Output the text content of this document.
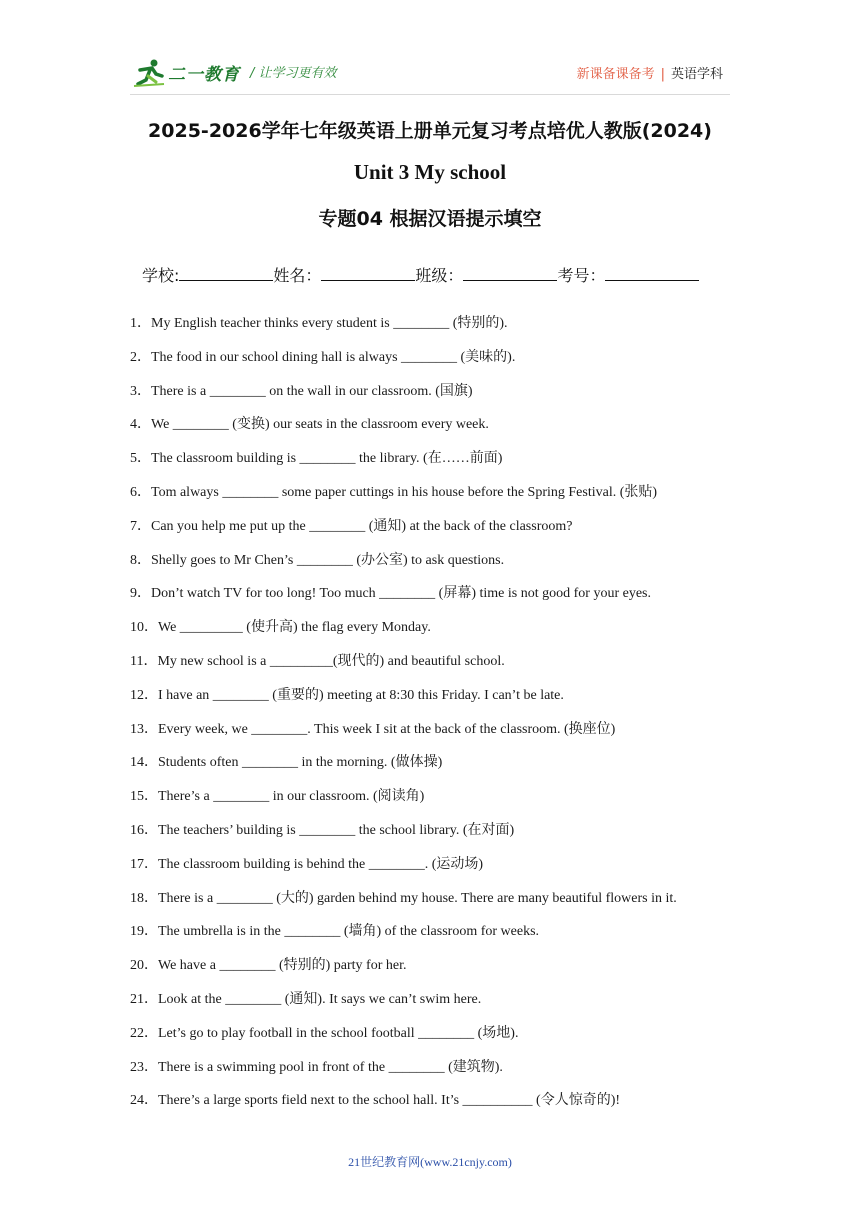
二一教育 / 让学习更有效	新课备课备考 | 英语学科
2025-2026学年七年级英语上册单元复习考点培优人教版(2024)
Unit 3 My school
专题04 根据汉语提示填空
学校:	姓名：	班级：	考号：
1．My English teacher thinks every student is ________ (特别的).
2．The food in our school dining hall is always ________ (美味的).
3．There is a ________ on the wall in our classroom. (国旗)
4．We ________ (变换) our seats in the classroom every week.
5．The classroom building is ________ the library. (在……前面)
6．Tom always ________ some paper cuttings in his house before the Spring Festival. (张贴)
7．Can you help me put up the ________ (通知) at the back of the classroom?
8．Shelly goes to Mr Chen’s ________ (办公室) to ask questions.
9．Don’t watch TV for too long! Too much ________ (屏幕) time is not good for your eyes.
10．We _________ (使升高) the flag every Monday.
11．My new school is a _________(现代的) and beautiful school.
12．I have an ________ (重要的) meeting at 8:30 this Friday. I can’t be late.
13．Every week, we ________. This week I sit at the back of the classroom. (换座位)
14．Students often ________ in the morning. (做体操)
15．There’s a ________ in our classroom. (阅读角)
16．The teachers’ building is ________ the school library. (在对面)
17．The classroom building is behind the ________. (运动场)
18．There is a ________ (大的) garden behind my house. There are many beautiful flowers in it.
19．The umbrella is in the ________ (墙角) of the classroom for weeks.
20．We have a ________ (特别的) party for her.
21．Look at the ________ (通知). It says we can’t swim here.
22．Let’s go to play football in the school football ________ (场地).
23．There is a swimming pool in front of the ________ (建筑物).
24．There’s a large sports field next to the school hall. It’s __________ (令人惊奇的)!
21世纪教育网(www.21cnjy.com)
